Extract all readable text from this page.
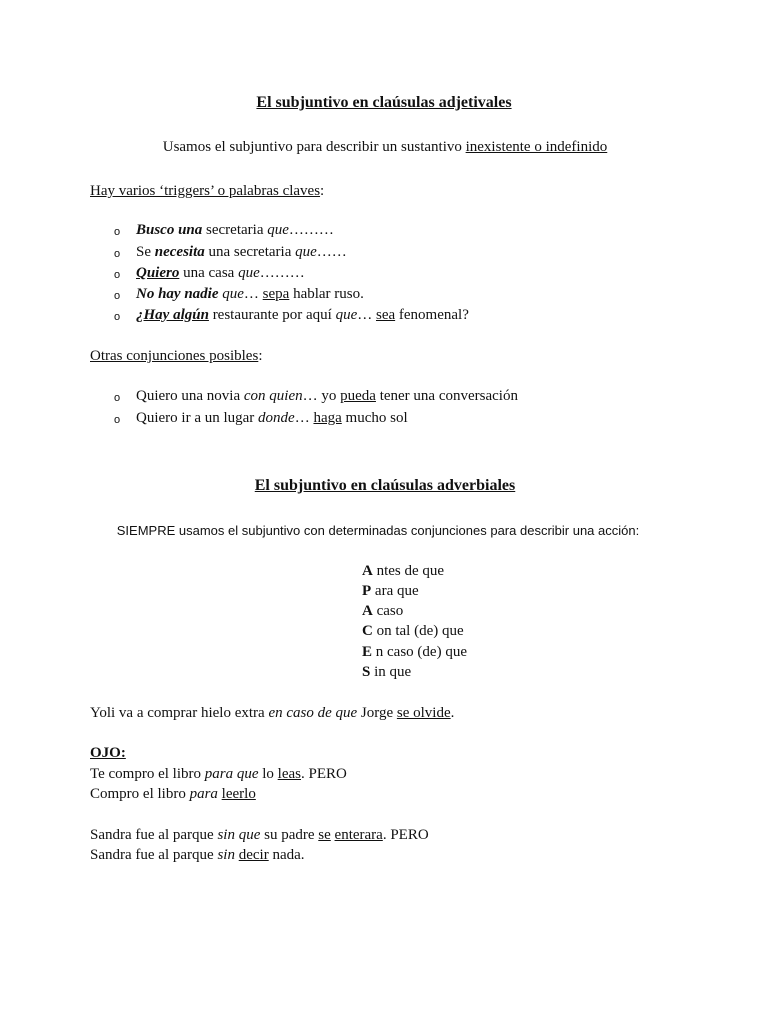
El subjuntivo en claúsulas adjetivales
Usamos el subjuntivo para describir un sustantivo inexistente o indefinido
Hay varios ‘triggers’ o palabras claves:
o Busco una secretaria que………
o Se necesita una secretaria que……
o Quiero una casa que………
o No hay nadie que… sepa hablar ruso.
o ¿Hay algún restaurante por aquí que… sea fenomenal?
Otras conjunciones posibles:
o Quiero una novia con quien… yo pueda tener una conversación
o Quiero ir a un lugar donde… haga mucho sol
El subjuntivo en claúsulas adverbiales
SIEMPRE usamos el subjuntivo con determinadas conjunciones para describir una acción:
A ntes de que
P ara que
A caso
C on tal (de) que
E n caso (de) que
S in que
Yoli va a comprar hielo extra en caso de que Jorge se olvide.
OJO:
Te compro el libro para que lo leas. PERO
Compro el libro para leerlo
Sandra fue al parque sin que su padre se enterara. PERO
Sandra fue al parque sin decir nada.
